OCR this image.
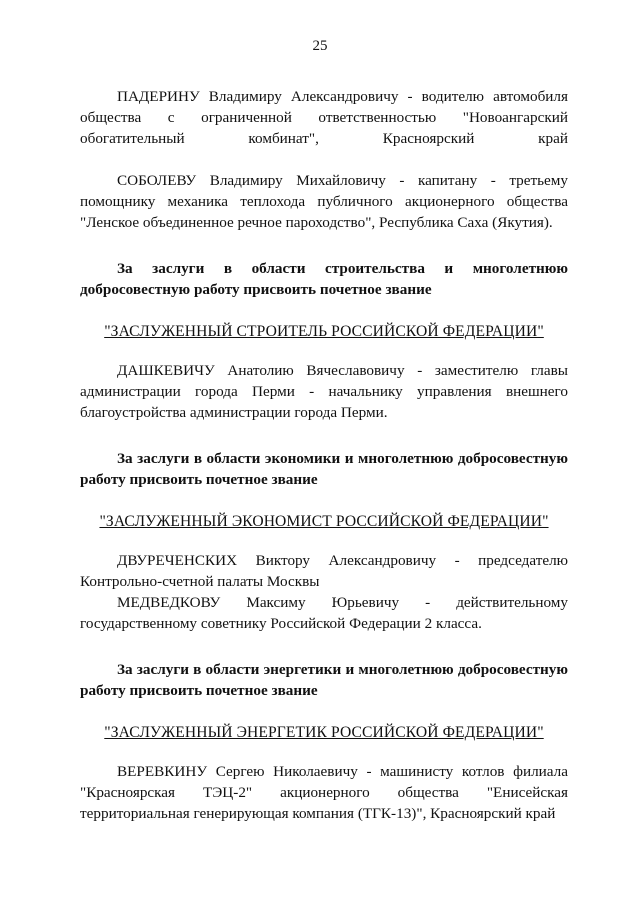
25

ПАДЕРИНУ Владимиру Александровичу - водителю автомобиля общества с ограниченной ответственностью "Новоангарский обогатительный комбинат", Красноярский край

СОБОЛЕВУ Владимиру Михайловичу - капитану - третьему помощнику механика теплохода публичного акционерного общества "Ленское объединенное речное пароходство", Республика Саха (Якутия).

За заслуги в области строительства и многолетнюю добросовестную работу присвоить почетное звание

"ЗАСЛУЖЕННЫЙ СТРОИТЕЛЬ РОССИЙСКОЙ ФЕДЕРАЦИИ"

ДАШКЕВИЧУ Анатолию Вячеславовичу - заместителю главы администрации города Перми - начальнику управления внешнего благоустройства администрации города Перми.

За заслуги в области экономики и многолетнюю добросовестную работу присвоить почетное звание

"ЗАСЛУЖЕННЫЙ ЭКОНОМИСТ РОССИЙСКОЙ ФЕДЕРАЦИИ"

ДВУРЕЧЕНСКИХ Виктору Александровичу - председателю Контрольно-счетной палаты Москвы

МЕДВЕДКОВУ Максиму Юрьевичу - действительному государственному советнику Российской Федерации 2 класса.

За заслуги в области энергетики и многолетнюю добросовестную работу присвоить почетное звание

"ЗАСЛУЖЕННЫЙ ЭНЕРГЕТИК РОССИЙСКОЙ ФЕДЕРАЦИИ"

ВЕРЕВКИНУ Сергею Николаевичу - машинисту котлов филиала "Красноярская ТЭЦ-2" акционерного общества "Енисейская территориальная генерирующая компания (ТГК-13)", Красноярский край
